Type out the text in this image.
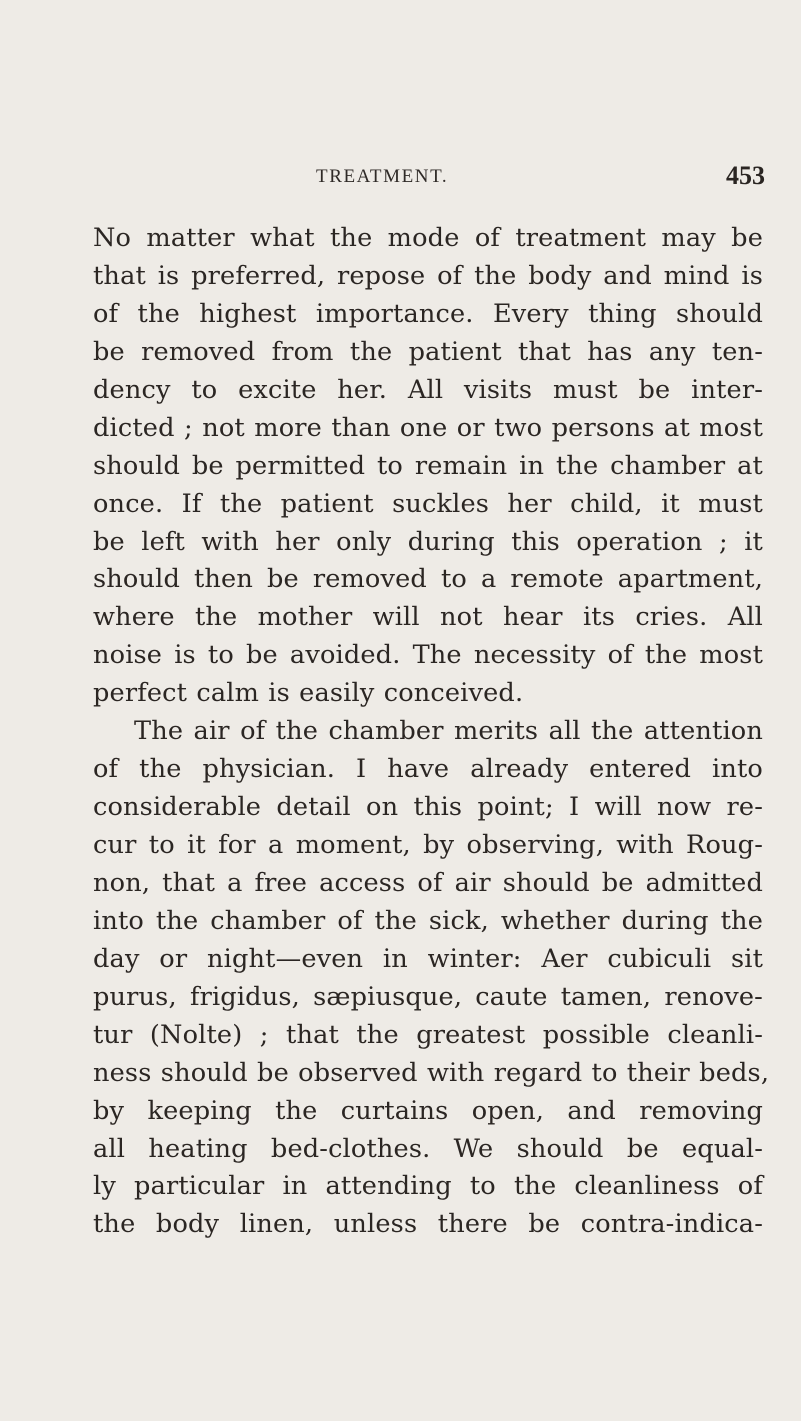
TREATMENT.	453
No matter what the mode of treatment may be
that is preferred, repose of the body and mind is
of the highest importance. Every thing should
be removed from the patient that has any ten-
dency to excite her. All visits must be inter-
dicted ; not more than one or two persons at most
should be permitted to remain in the chamber at
once. If the patient suckles her child, it must
be left with her only during this operation ; it
should then be removed to a remote apartment,
where the mother will not hear its cries. All
noise is to be avoided. The necessity of the most
perfect calm is easily conceived.
The air of the chamber merits all the attention
of the physician. I have already entered into
considerable detail on this point; I will now re-
cur to it for a moment, by observing, with Roug-
non, that a free access of air should be admitted
into the chamber of the sick, whether during the
day or night—even in winter: Aer cubiculi sit
purus, frigidus, sæpiusque, caute tamen, renove-
tur (Nolte) ; that the greatest possible cleanli-
ness should be observed with regard to their beds,
by keeping the curtains open, and removing
all heating bed-clothes. We should be equal-
ly particular in attending to the cleanliness of
the body linen, unless there be contra-indica-
